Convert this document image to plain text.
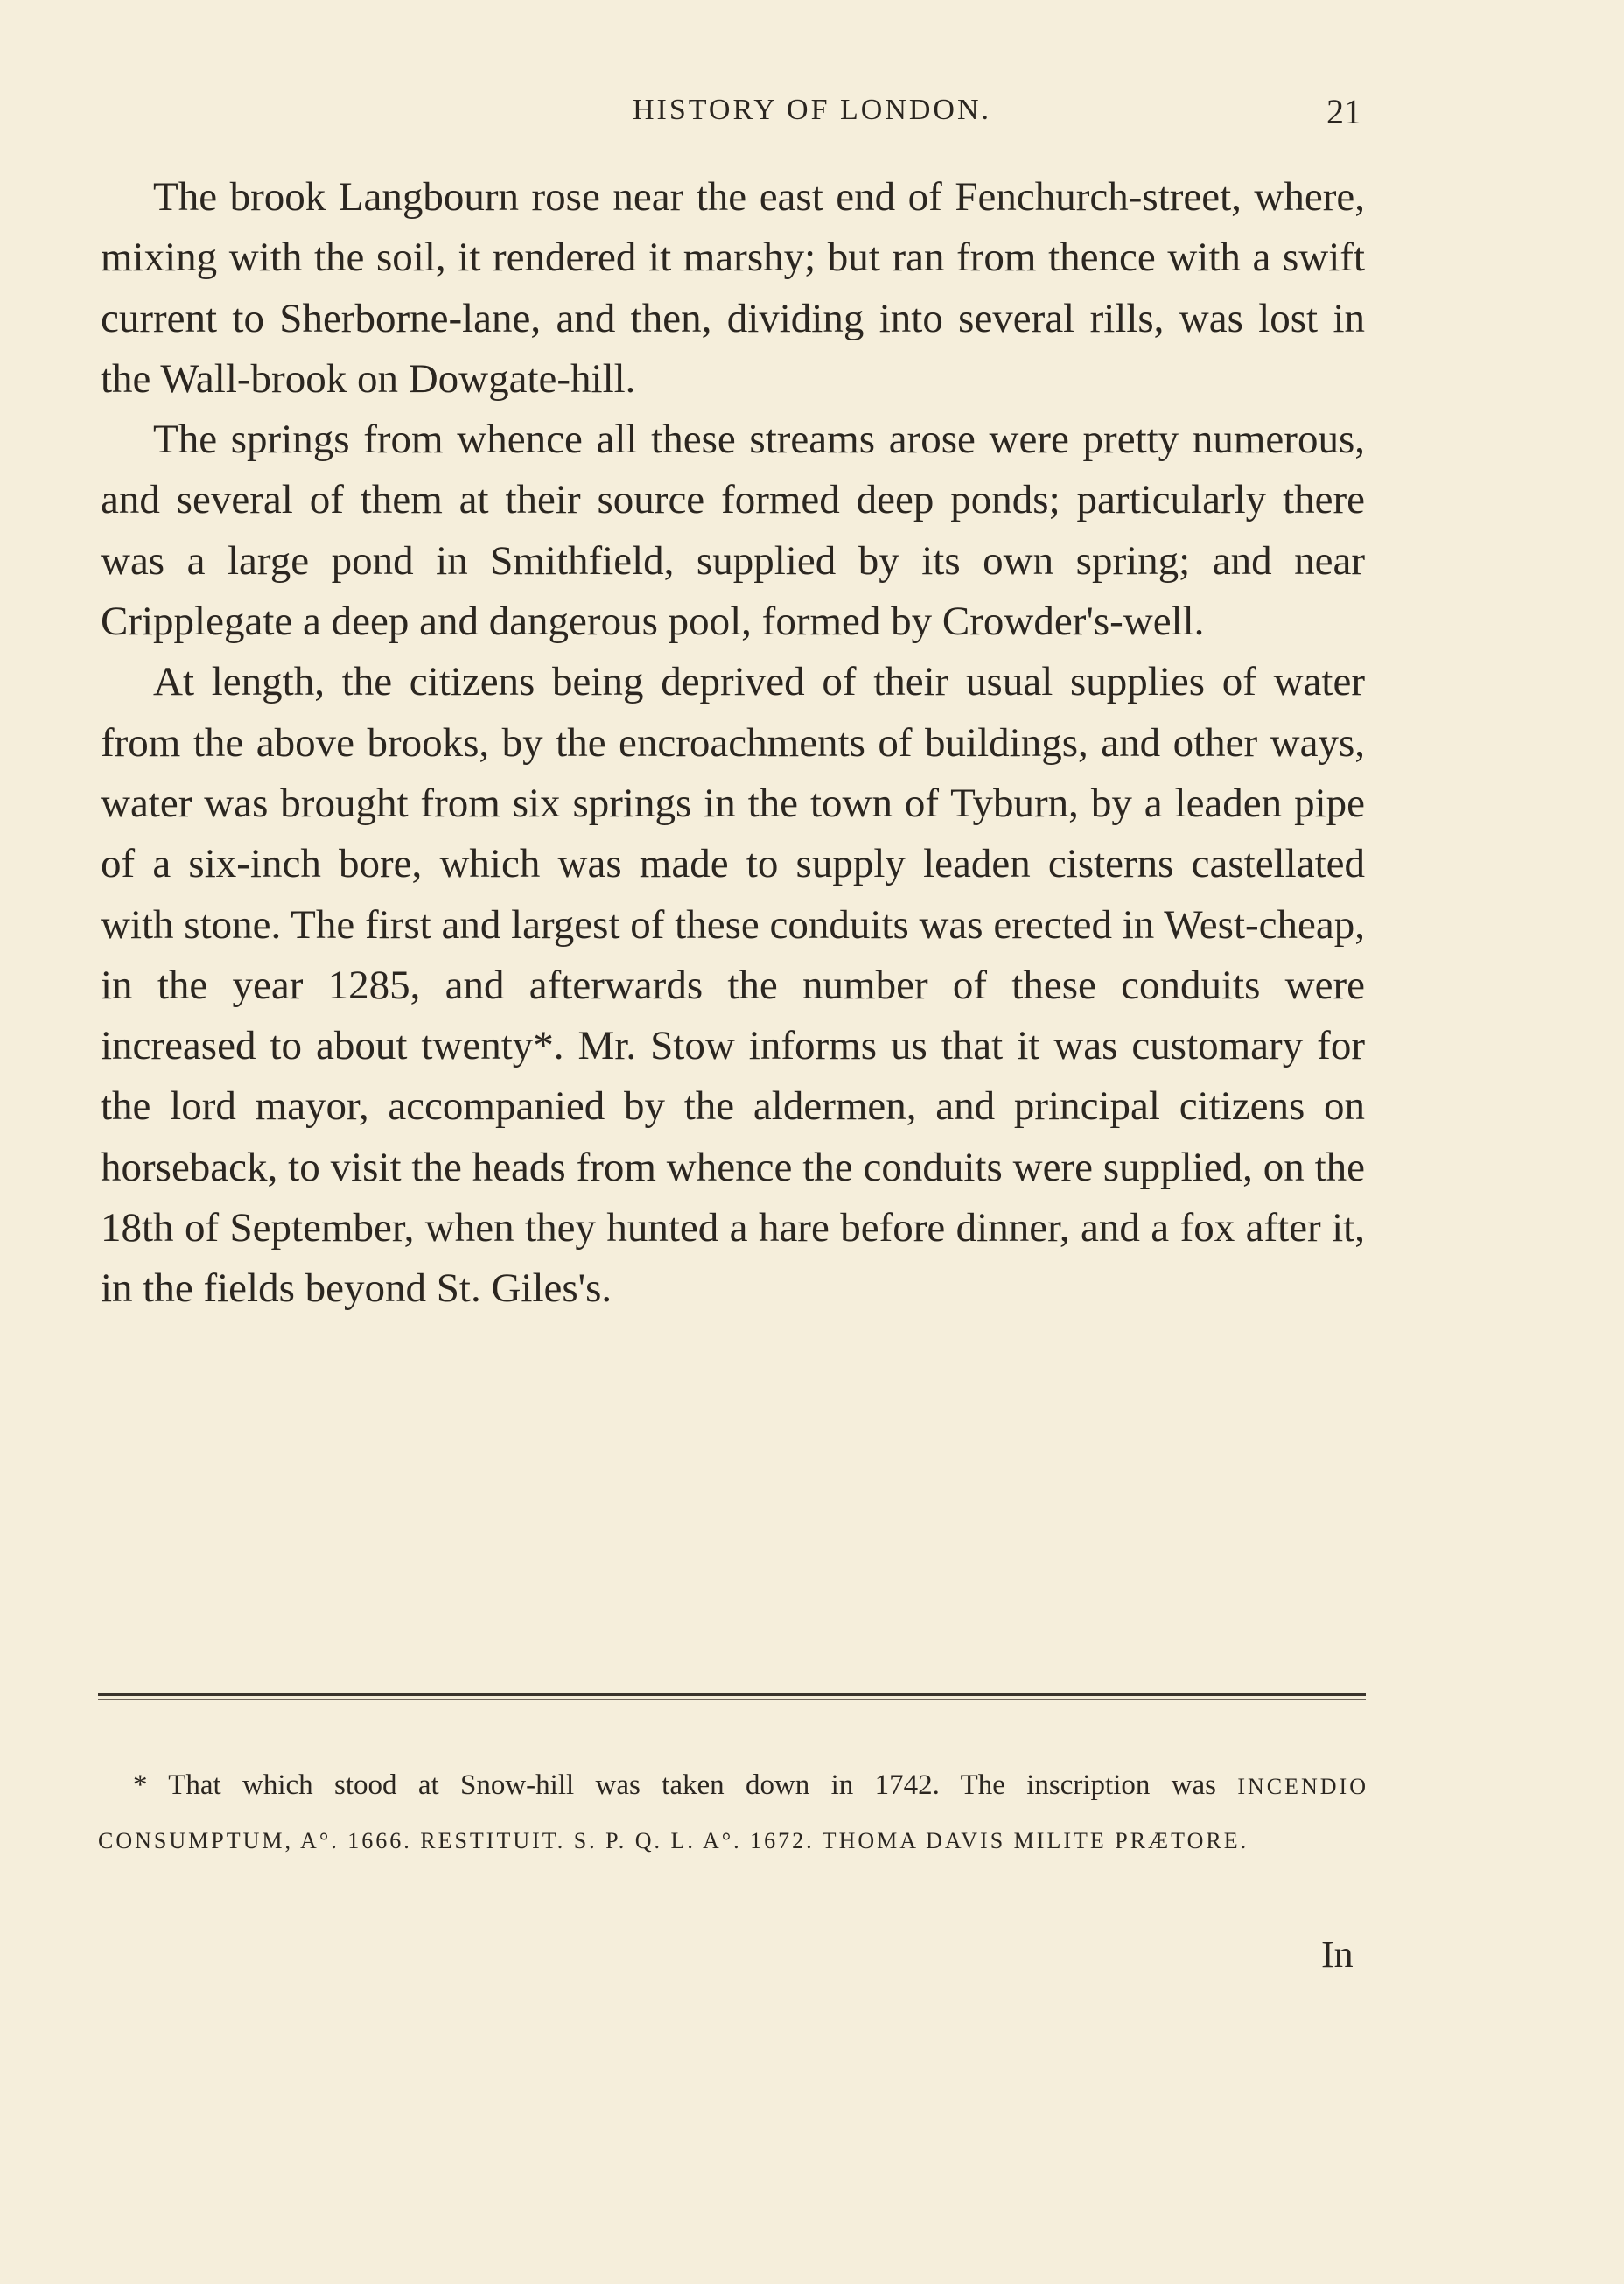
HISTORY OF LONDON.	21

The brook Langbourn rose near the east end of Fenchurch-street, where, mixing with the soil, it rendered it marshy; but ran from thence with a swift current to Sherborne-lane, and then, dividing into several rills, was lost in the Wall-brook on Dowgate-hill.

The springs from whence all these streams arose were pretty numerous, and several of them at their source formed deep ponds; particularly there was a large pond in Smithfield, supplied by its own spring; and near Cripplegate a deep and dangerous pool, formed by Crowder's-well.

At length, the citizens being deprived of their usual supplies of water from the above brooks, by the encroachments of buildings, and other ways, water was brought from six springs in the town of Tyburn, by a leaden pipe of a six-inch bore, which was made to supply leaden cisterns castellated with stone. The first and largest of these conduits was erected in West-cheap, in the year 1285, and afterwards the number of these conduits were increased to about twenty*. Mr. Stow informs us that it was customary for the lord mayor, accompanied by the aldermen, and principal citizens on horseback, to visit the heads from whence the conduits were supplied, on the 18th of September, when they hunted a hare before dinner, and a fox after it, in the fields beyond St. Giles's.

* That which stood at Snow-hill was taken down in 1742. The inscription was INCENDIO CONSUMPTUM, A°. 1666. RESTITUIT. S. P. Q. L. A°. 1672. THOMA DAVIS MILITE PRÆTORE.

In
